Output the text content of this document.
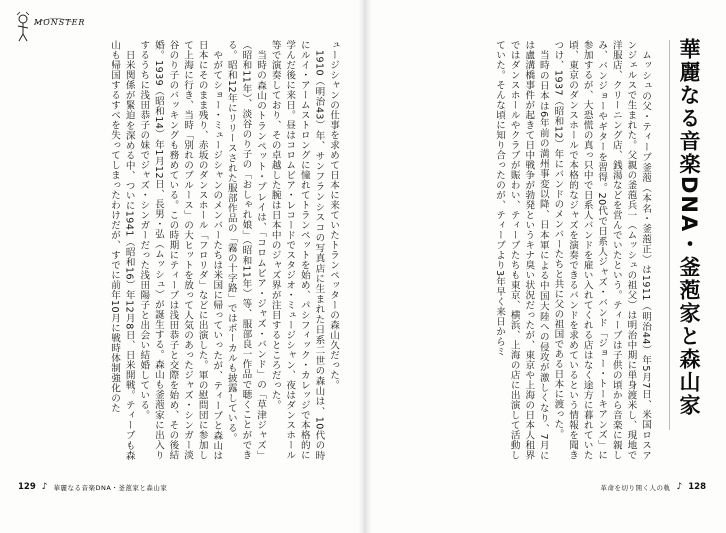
MONSTER

ュージシャンの仕事を求めて日本に来ていたトランペッターの森山久だった。

1910（明治43）年、サンフランシスコの写真店に生まれた日系二世の森山は、10代の時にルイ・アームストロングに憧れてトランペットを始め、パシフィック・カレッジで本格的に学んだ後に来日。昼はコロムビア・レコードでスタジオ・ミュージシャン、夜はダンスホール等で演奏しており、その卓越した腕は日本中のジャズ界が注目するところだった。

当時の森山のトランペット・プレイは、「コロムビア・ジャズ・バンド」の「草津ジャズ」（昭和11年）、淡谷のり子の「おしゃれ娘」（昭和11年）等、服部良一作品で聴くことができる。昭和12年にリリースされた服部作品の「霧の十字路」ではボーカルも披露している。

やがてショー・ミュージシャンのメンバーたちは米国に帰っていったが、ティーブと森山は日本にそのまま残り、赤坂のダンスホール「フロリダ」などに出演した。軍の慰問団に参加して上海に行き、当時「別れのブルース」の大ヒットを放って人気のあったジャズ・シンガー淡谷のり子のバッキングも務めている。この時期にティーブは浅田恭子と交際を始め、その後結婚。1939（昭和14）年1月12日、長男・弘（ムッシュ）が誕生する。森山も釜萢家に出入りするうちに浅田恭子の妹でジャズ・シンガーだった浅田陽子と出会い結婚している。

日米関係が緊迫を深める中、ついに1941（昭和16）年12月8日、日米開戦。ティーブも森山も帰国するすべを失ってしまったわけだが、すでに前年10月に戦時体制強化のた

129 ♪ 華麗なる音楽DNA・釜萢家と森山家
華麗なる音楽DNA・釜萢家と森山家

ムッシュの父・ティーブ釜萢（本名・釜萢正）は1911（明治44）年5月7日、米国ロスアンジェルスで生まれた。父親の釜萢兵一（ムッシュの祖父）は明治中期に単身渡米し、現地で洋服店、クリーニング店、銭湯などを営んでいたという。ティーブは子供の頃から音楽に親しみ、バンジョーやギターを習得。20代で日系人ジャズ・バンド「ジョー・トーキアンズ」に参加するが、大恐慌の真っ只中で日系人バンドを雇い入れてくれる店はなく途方に暮れていた頃、東京のダンスホールで本格的なジャズを演奏できるバンドを求めているという情報を聞きつけ、1937（昭和12）年にバンドのメンバーたちと共に父の祖国である日本に渡った。

当時の日本は6年前の満州事変以降、日本軍による中国大陸への侵攻が激しくなり、7月には盧溝橋事件が起きて日中戦争が勃発というキナ臭い状況だったが、東京や上海の日本人租界ではダンスホールやクラブが賑わい、ティーブたちも東京、横浜、上海の店に出演して活動していた。そんな頃に知り合ったのが、ティーブより3年早く来日からミ

革命を切り開く人の軌 ♪ 128
